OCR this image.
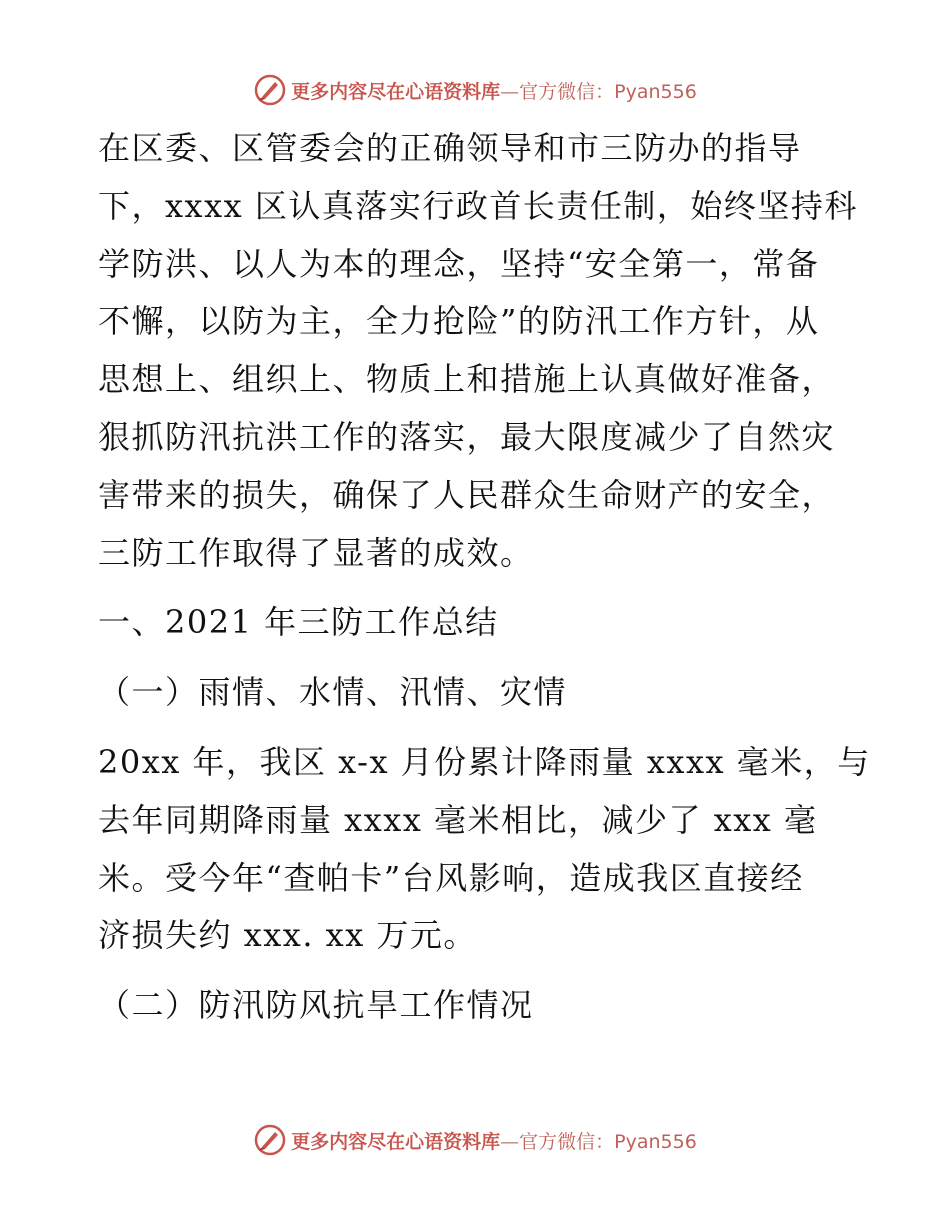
更多内容尽在心语资料库—官方微信：Pyan556
在区委、区管委会的正确领导和市三防办的指导
下，xxxx 区认真落实行政首长责任制，始终坚持科
学防洪、以人为本的理念，坚持“安全第一，常备
不懈，以防为主，全力抢险”的防汛工作方针，从
思想上、组织上、物质上和措施上认真做好准备，
狠抓防汛抗洪工作的落实，最大限度减少了自然灾
害带来的损失，确保了人民群众生命财产的安全，
三防工作取得了显著的成效。
一、2021 年三防工作总结
（一）雨情、水情、汛情、灾情
20xx 年，我区 x-x 月份累计降雨量 xxxx 毫米，与
去年同期降雨量 xxxx 毫米相比，减少了 xxx 毫
米。受今年“查帕卡”台风影响，造成我区直接经
济损失约 xxx. xx 万元。
（二）防汛防风抗旱工作情况
更多内容尽在心语资料库—官方微信：Pyan556
